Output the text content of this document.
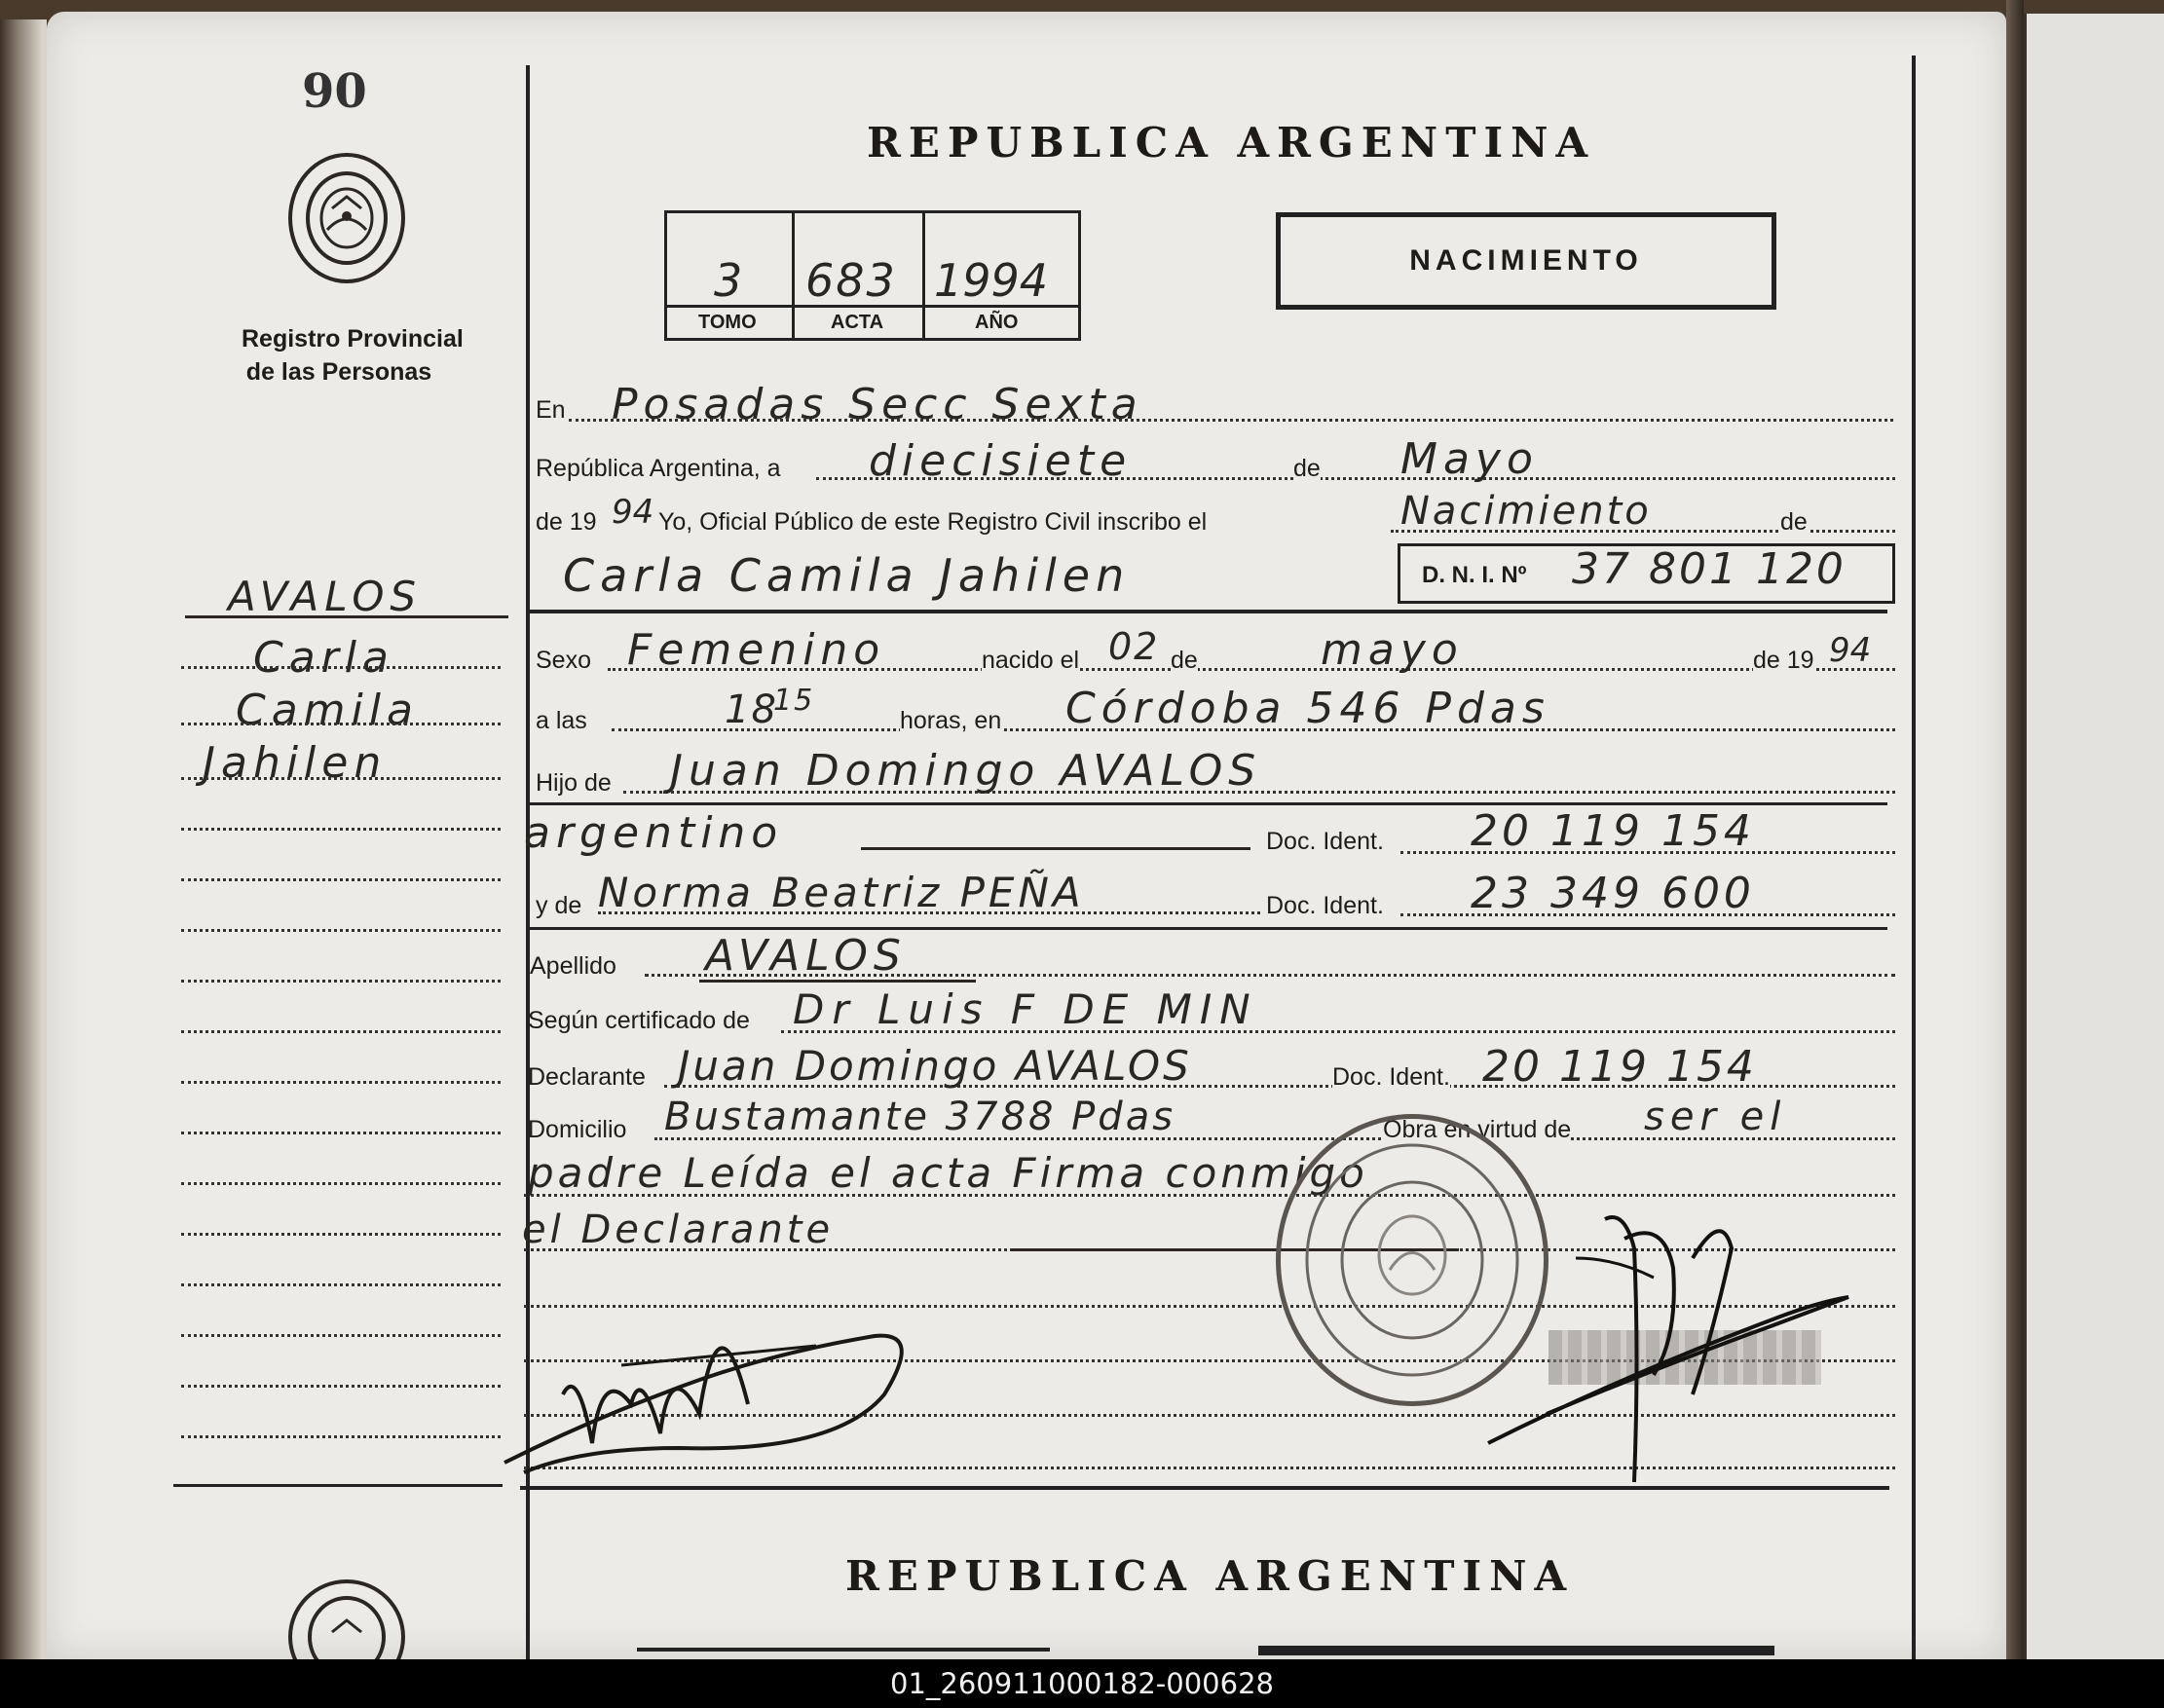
90
Registro Provincial
de las Personas
REPUBLICA ARGENTINA
3 683 1994
TOMO	ACTA	AÑO
NACIMIENTO
AVALOS
Carla
Camila
Jahilen
En Posadas Secc Sexta
República Argentina, a diecisiete	de Mayo
de 19 94 Yo, Oficial Público de este Registro Civil inscribo el	Nacimiento	de
Carla Camila Jahilen	D. N. I. Nº 37 801 120
Sexo Femenino	nacido el 02 de	mayo	de 19 94
a las	18
15
horas, en Córdoba 546 Pdas
Hijo de Juan Domingo AVALOS
argentino	Doc. Ident. 20 119 154
y de Norma Beatriz PEÑA	Doc. Ident. 23 349 600
Apellido AVALOS
Según certificado de Dr Luis F DE MIN
Declarante Juan Domingo AVALOS	Doc. Ident. 20 119 154
Domicilio Bustamante 3788 Pdas	Obra en virtud de ser el
padre Leída el acta Firma conmigo
el Declarante
REPUBLICA ARGENTINA
01_260911000182-000628
